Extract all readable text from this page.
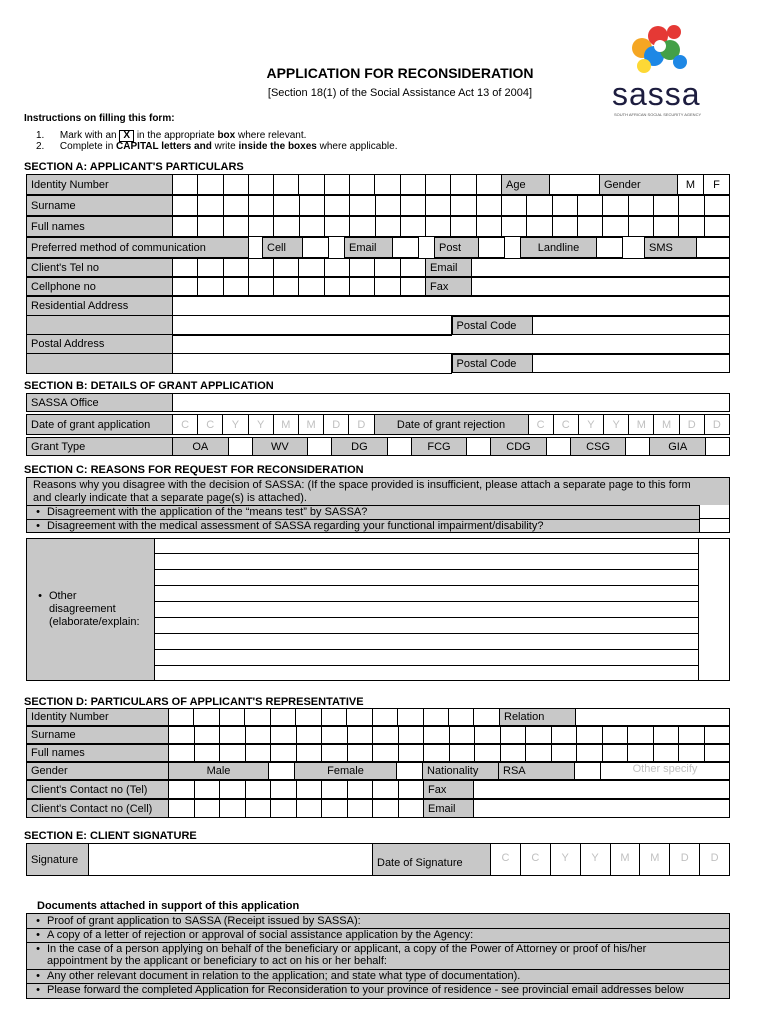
sassa
SOUTH AFRICAN SOCIAL SECURITY AGENCY
APPLICATION FOR RECONSIDERATION
[Section 18(1) of the Social Assistance Act 13 of 2004]
Instructions on filling this form:
1. Mark with an X in the appropriate box where relevant.
2. Complete in CAPITAL letters and write inside the boxes where applicable.
SECTION A: APPLICANT'S PARTICULARS
Identity Number														Age		Gender	M	F
Surname																						
Full names																						
Preferred method of communication		Cell			Email			Post			Landline			SMS	
Client's Tel no											Email	
Cellphone no											Fax	
Residential Address	

Postal Code	
Postal Address	

Postal Code	
SECTION B: DETAILS OF GRANT APPLICATION
SASSA Office	
Date of grant application	C	C	Y	Y	M	M	D	D	Date of grant rejection	C	C	Y	Y	M	M	D	D
Grant Type	OA		WV		DG		FCG		CDG		CSG		GIA	
SECTION C: REASONS FOR REQUEST FOR RECONSIDERATION
Reasons why you disagree with the decision of SASSA: (If the space provided is insufficient, please attach a separate page to this form and clearly indicate that a separate page(s) is attached).
• Disagreement with the application of the “means test” by SASSA?
• Disagreement with the medical assessment of SASSA regarding your functional impairment/disability?
• Other
disagreement
(elaborate/explain:
SECTION D: PARTICULARS OF APPLICANT'S REPRESENTATIVE
Identity Number														Relation	
Surname																						
Full names																						
Gender	Male		Female		Nationality	RSA		Other specify
Client's Contact no (Tel)											Fax	
Client's Contact no (Cell)											Email	
SECTION E: CLIENT SIGNATURE
Signature		Date of Signature	C	C	Y	Y	M	M	D	D
Documents attached in support of this application
• Proof of grant application to SASSA (Receipt issued by SASSA):
• A copy of a letter of rejection or approval of social assistance application by the Agency:
• In the case of a person applying on behalf of the beneficiary or applicant, a copy of the Power of Attorney or proof of his/her
appointment by the applicant or beneficiary to act on his or her behalf:
• Any other relevant document in relation to the application; and state what type of documentation).
• Please forward the completed Application for Reconsideration to your province of residence - see provincial email addresses below
